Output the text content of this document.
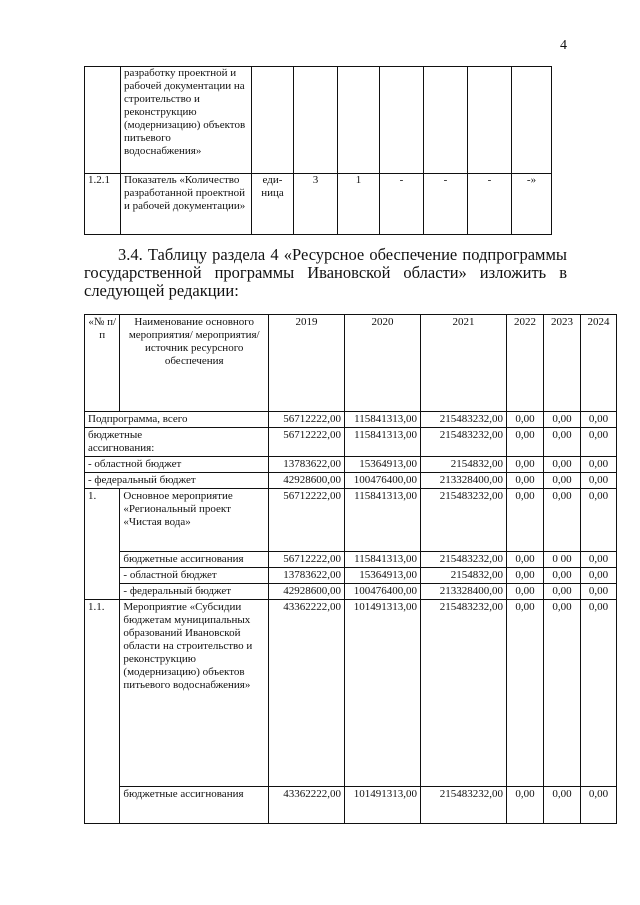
4
	разработку проектной и рабочей документации на строительство и реконструкцию (модернизацию) объектов питьевого водоснабжения»							
1.2.1	Показатель «Количество разработанной проектной и рабочей документации»	еди-ница	3	1	-	-	-	-»
3.4. Таблицу раздела 4 «Ресурсное обеспечение подпрограммы государственной программы Ивановской области» изложить в следующей редакции:
«№ п/п	Наименование основного мероприятия/ мероприятия/ источник ресурсного обеспечения	2019	2020	2021	2022	2023	2024
Подпрограмма, всего		56712222,00	115841313,00	215483232,00	0,00	0,00	0,00
бюджетные ассигнования:		56712222,00	115841313,00	215483232,00	0,00	0,00	0,00
- областной бюджет		13783622,00	15364913,00	2154832,00	0,00	0,00	0,00
- федеральный бюджет		42928600,00	100476400,00	213328400,00	0,00	0,00	0,00
1.	Основное мероприятие «Региональный проект «Чистая вода»	56712222,00	115841313,00	215483232,00	0,00	0,00	0,00
	бюджетные ассигнования	56712222,00	115841313,00	215483232,00	0,00	0 00	0,00
	- областной бюджет	13783622,00	15364913,00	2154832,00	0,00	0,00	0,00
	- федеральный бюджет	42928600,00	100476400,00	213328400,00	0,00	0,00	0,00
1.1.	Мероприятие «Субсидии бюджетам муниципальных образований Ивановской области на строительство и реконструкцию (модернизацию) объектов питьевого водоснабжения»	43362222,00	101491313,00	215483232,00	0,00	0,00	0,00
	бюджетные ассигнования	43362222,00	101491313,00	215483232,00	0,00	0,00	0,00
